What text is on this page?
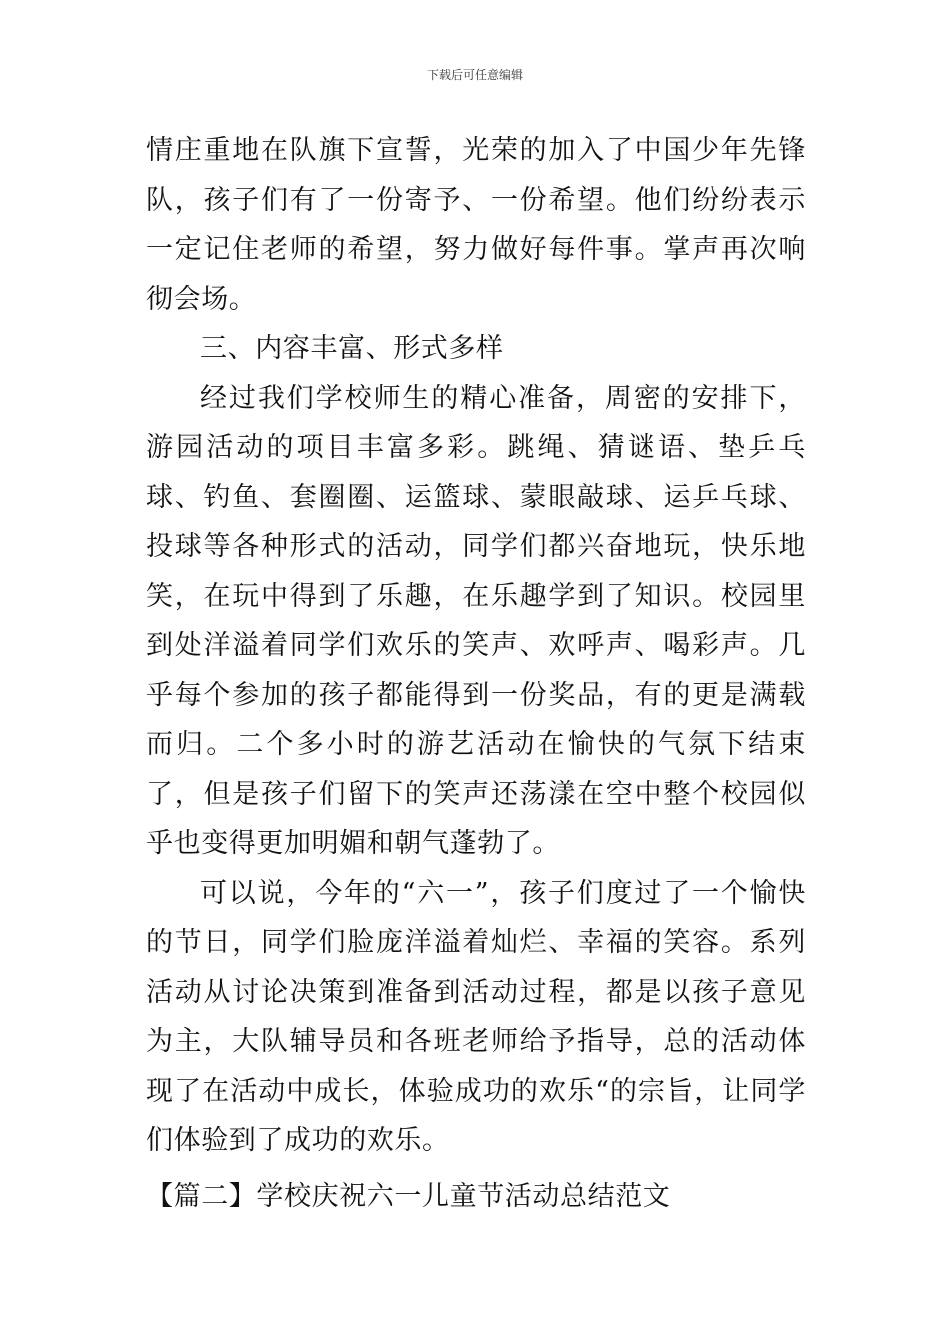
下载后可任意编辑

情庄重地在队旗下宣誓，光荣的加入了中国少年先锋队，孩子们有了一份寄予、一份希望。他们纷纷表示一定记住老师的希望，努力做好每件事。掌声再次响彻会场。

三、内容丰富、形式多样

经过我们学校师生的精心准备，周密的安排下，游园活动的项目丰富多彩。跳绳、猜谜语、垫乒乓球、钓鱼、套圈圈、运篮球、蒙眼敲球、运乒乓球、投球等各种形式的活动，同学们都兴奋地玩，快乐地笑，在玩中得到了乐趣，在乐趣学到了知识。校园里到处洋溢着同学们欢乐的笑声、欢呼声、喝彩声。几乎每个参加的孩子都能得到一份奖品，有的更是满载而归。二个多小时的游艺活动在愉快的气氛下结束了，但是孩子们留下的笑声还荡漾在空中整个校园似乎也变得更加明媚和朝气蓬勃了。

可以说，今年的“六一”，孩子们度过了一个愉快的节日，同学们脸庞洋溢着灿烂、幸福的笑容。系列活动从讨论决策到准备到活动过程，都是以孩子意见为主，大队辅导员和各班老师给予指导，总的活动体现了在活动中成长，体验成功的欢乐“的宗旨，让同学们体验到了成功的欢乐。

【篇二】学校庆祝六一儿童节活动总结范文
